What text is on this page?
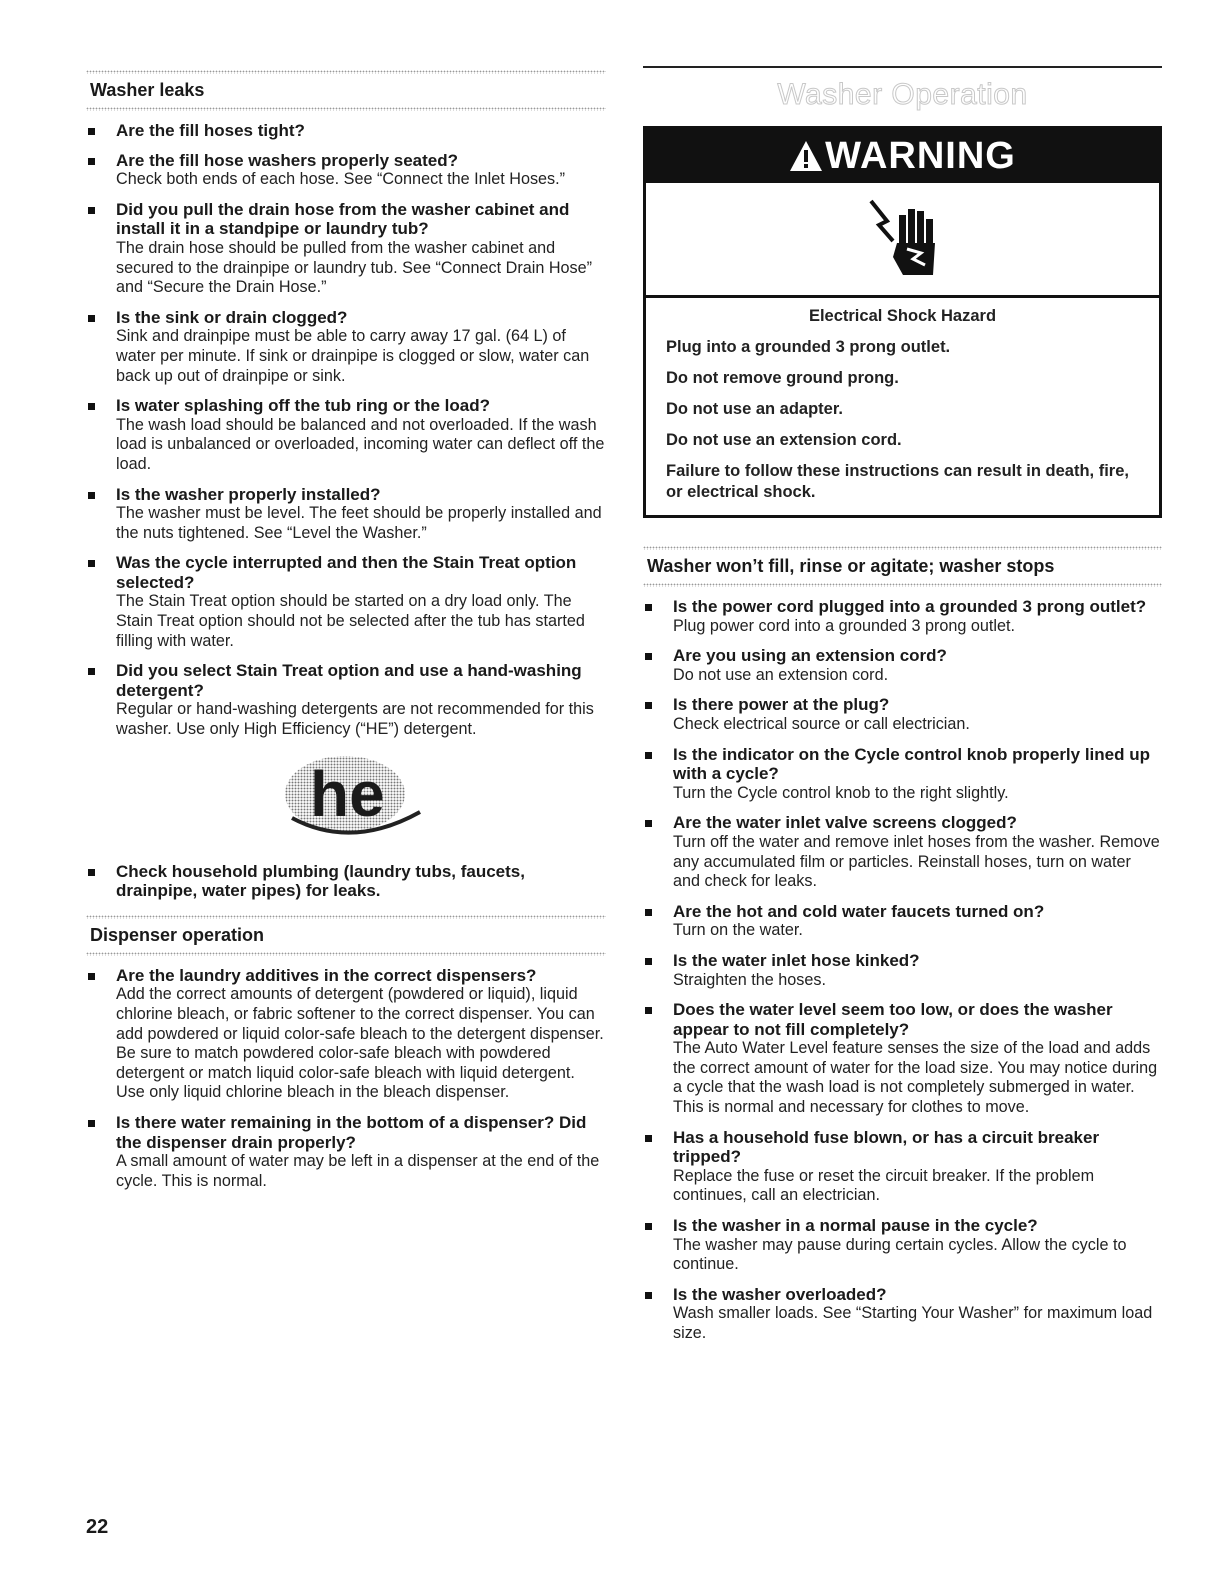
Washer leaks
Are the fill hoses tight?
Are the fill hose washers properly seated?
Check both ends of each hose. See “Connect the Inlet Hoses.”
Did you pull the drain hose from the washer cabinet and install it in a standpipe or laundry tub?
The drain hose should be pulled from the washer cabinet and secured to the drainpipe or laundry tub. See “Connect Drain Hose” and “Secure the Drain Hose.”
Is the sink or drain clogged?
Sink and drainpipe must be able to carry away 17 gal. (64 L) of water per minute. If sink or drainpipe is clogged or slow, water can back up out of drainpipe or sink.
Is water splashing off the tub ring or the load?
The wash load should be balanced and not overloaded. If the wash load is unbalanced or overloaded, incoming water can deflect off the load.
Is the washer properly installed?
The washer must be level. The feet should be properly installed and the nuts tightened. See “Level the Washer.”
Was the cycle interrupted and then the Stain Treat option selected?
The Stain Treat option should be started on a dry load only. The Stain Treat option should not be selected after the tub has started filling with water.
Did you select Stain Treat option and use a hand-washing detergent?
Regular or hand-washing detergents are not recommended for this washer. Use only High Efficiency (“HE”) detergent.
he
Check household plumbing (laundry tubs, faucets, drainpipe, water pipes) for leaks.
Dispenser operation
Are the laundry additives in the correct dispensers?
Add the correct amounts of detergent (powdered or liquid), liquid chlorine bleach, or fabric softener to the correct dispenser. You can add powdered or liquid color-safe bleach to the detergent dispenser. Be sure to match powdered color-safe bleach with powdered detergent or match liquid color-safe bleach with liquid detergent. Use only liquid chlorine bleach in the bleach dispenser.
Is there water remaining in the bottom of a dispenser? Did the dispenser drain properly?
A small amount of water may be left in a dispenser at the end of the cycle. This is normal.
Washer Operation
WARNING
Electrical Shock Hazard
Plug into a grounded 3 prong outlet.
Do not remove ground prong.
Do not use an adapter.
Do not use an extension cord.
Failure to follow these instructions can result in death, fire, or electrical shock.
Washer won’t fill, rinse or agitate; washer stops
Is the power cord plugged into a grounded 3 prong outlet?
Plug power cord into a grounded 3 prong outlet.
Are you using an extension cord?
Do not use an extension cord.
Is there power at the plug?
Check electrical source or call electrician.
Is the indicator on the Cycle control knob properly lined up with a cycle?
Turn the Cycle control knob to the right slightly.
Are the water inlet valve screens clogged?
Turn off the water and remove inlet hoses from the washer. Remove any accumulated film or particles. Reinstall hoses, turn on water and check for leaks.
Are the hot and cold water faucets turned on?
Turn on the water.
Is the water inlet hose kinked?
Straighten the hoses.
Does the water level seem too low, or does the washer appear to not fill completely?
The Auto Water Level feature senses the size of the load and adds the correct amount of water for the load size. You may notice during a cycle that the wash load is not completely submerged in water. This is normal and necessary for clothes to move.
Has a household fuse blown, or has a circuit breaker tripped?
Replace the fuse or reset the circuit breaker. If the problem continues, call an electrician.
Is the washer in a normal pause in the cycle?
The washer may pause during certain cycles. Allow the cycle to continue.
Is the washer overloaded?
Wash smaller loads. See “Starting Your Washer” for maximum load size.
22
